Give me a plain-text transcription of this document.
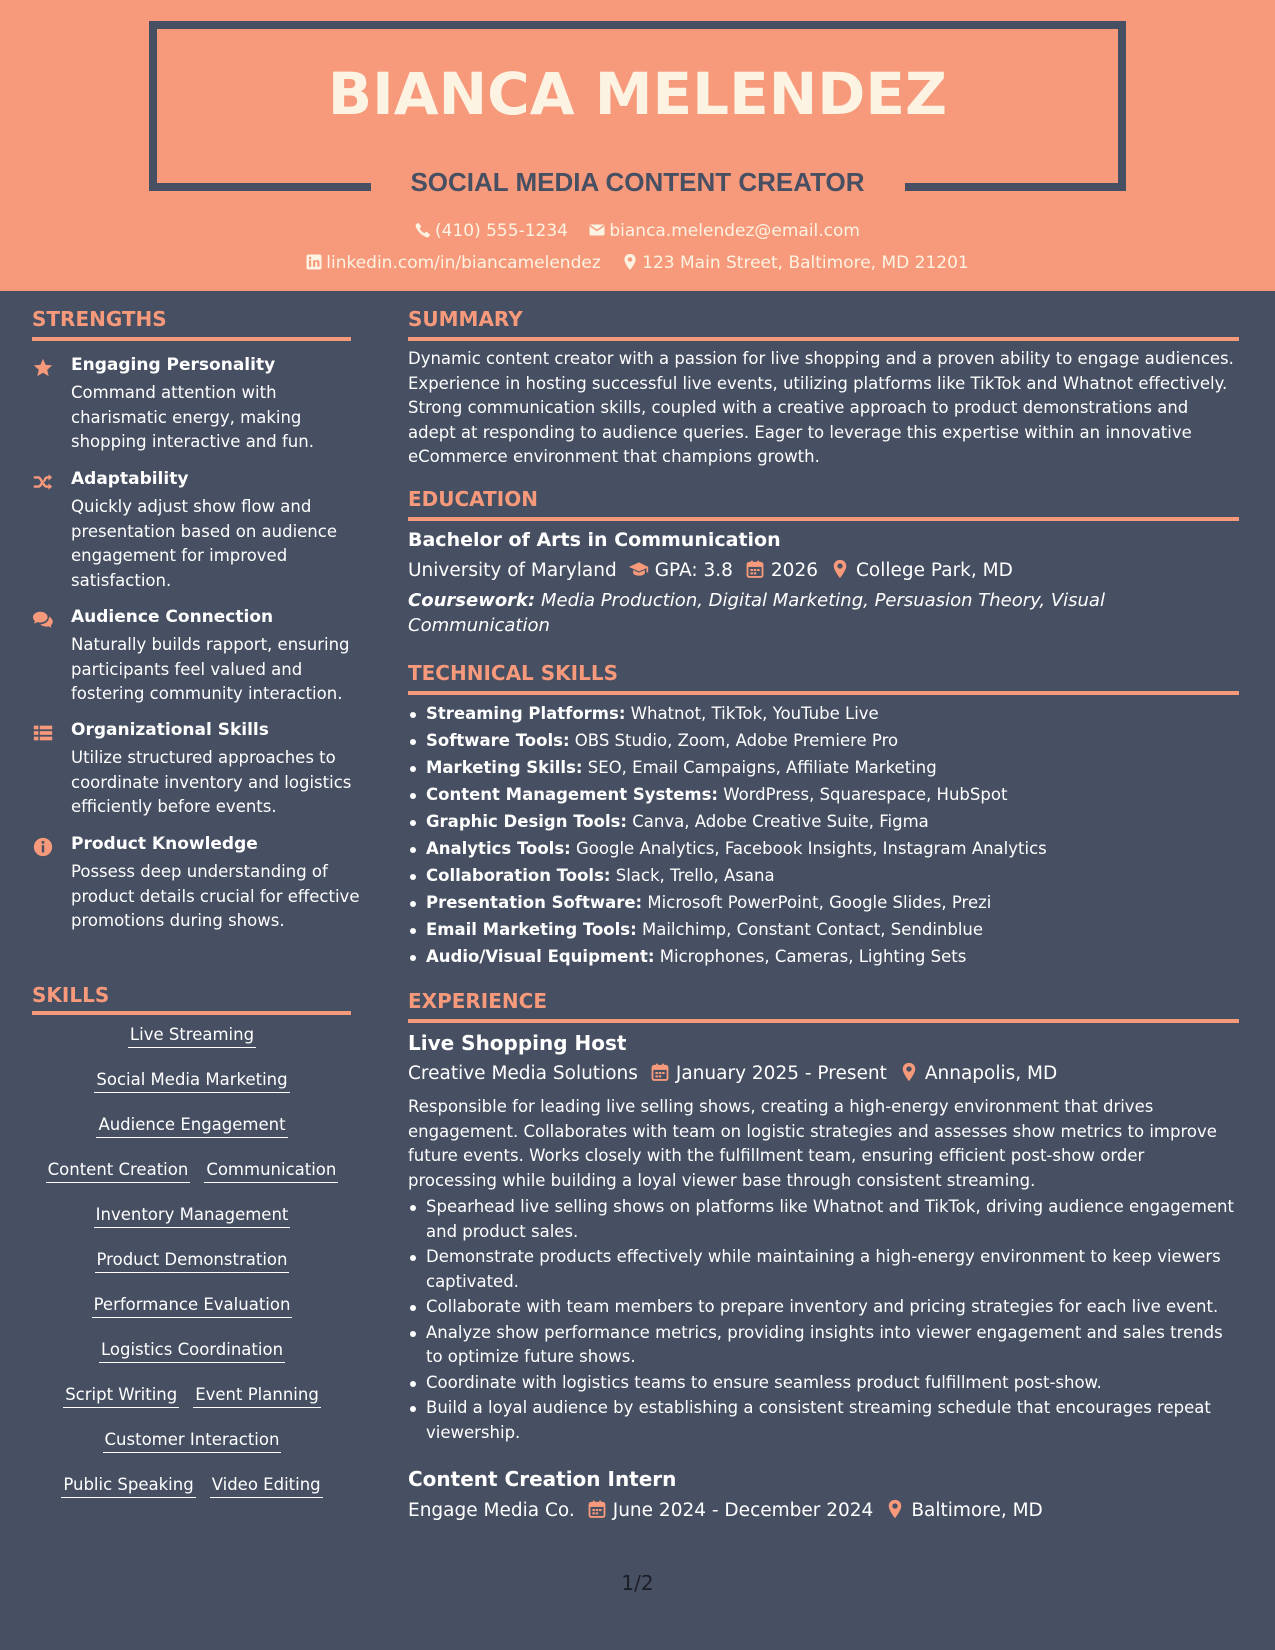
BIANCA MELENDEZ
SOCIAL MEDIA CONTENT CREATOR
(410) 555-1234 bianca.melendez@email.com
linkedin.com/in/biancamelendez 123 Main Street, Baltimore, MD 21201
STRENGTHS
Engaging Personality
Command attention with charismatic energy, making shopping interactive and fun.
Adaptability
Quickly adjust show flow and presentation based on audience engagement for improved satisfaction.
Audience Connection
Naturally builds rapport, ensuring participants feel valued and fostering community interaction.
Organizational Skills
Utilize structured approaches to coordinate inventory and logistics efficiently before events.
Product Knowledge
Possess deep understanding of product details crucial for effective promotions during shows.
SKILLS
Live Streaming
Social Media Marketing
Audience Engagement
Content Creation Communication
Inventory Management
Product Demonstration
Performance Evaluation
Logistics Coordination
Script Writing Event Planning
Customer Interaction
Public Speaking Video Editing
SUMMARY
Dynamic content creator with a passion for live shopping and a proven ability to engage audiences. Experience in hosting successful live events, utilizing platforms like TikTok and Whatnot effectively. Strong communication skills, coupled with a creative approach to product demonstrations and adept at responding to audience queries. Eager to leverage this expertise within an innovative eCommerce environment that champions growth.
EDUCATION
Bachelor of Arts in Communication
University of Maryland GPA: 3.8 2026 College Park, MD
Coursework: Media Production, Digital Marketing, Persuasion Theory, Visual Communication
TECHNICAL SKILLS
Streaming Platforms: Whatnot, TikTok, YouTube Live
Software Tools: OBS Studio, Zoom, Adobe Premiere Pro
Marketing Skills: SEO, Email Campaigns, Affiliate Marketing
Content Management Systems: WordPress, Squarespace, HubSpot
Graphic Design Tools: Canva, Adobe Creative Suite, Figma
Analytics Tools: Google Analytics, Facebook Insights, Instagram Analytics
Collaboration Tools: Slack, Trello, Asana
Presentation Software: Microsoft PowerPoint, Google Slides, Prezi
Email Marketing Tools: Mailchimp, Constant Contact, Sendinblue
Audio/Visual Equipment: Microphones, Cameras, Lighting Sets
EXPERIENCE
Live Shopping Host
Creative Media Solutions January 2025 - Present Annapolis, MD
Responsible for leading live selling shows, creating a high-energy environment that drives engagement. Collaborates with team on logistic strategies and assesses show metrics to improve future events. Works closely with the fulfillment team, ensuring efficient post-show order processing while building a loyal viewer base through consistent streaming.
Spearhead live selling shows on platforms like Whatnot and TikTok, driving audience engagement and product sales.
Demonstrate products effectively while maintaining a high-energy environment to keep viewers captivated.
Collaborate with team members to prepare inventory and pricing strategies for each live event.
Analyze show performance metrics, providing insights into viewer engagement and sales trends to optimize future shows.
Coordinate with logistics teams to ensure seamless product fulfillment post-show.
Build a loyal audience by establishing a consistent streaming schedule that encourages repeat viewership.
Content Creation Intern
Engage Media Co. June 2024 - December 2024 Baltimore, MD
1/2
